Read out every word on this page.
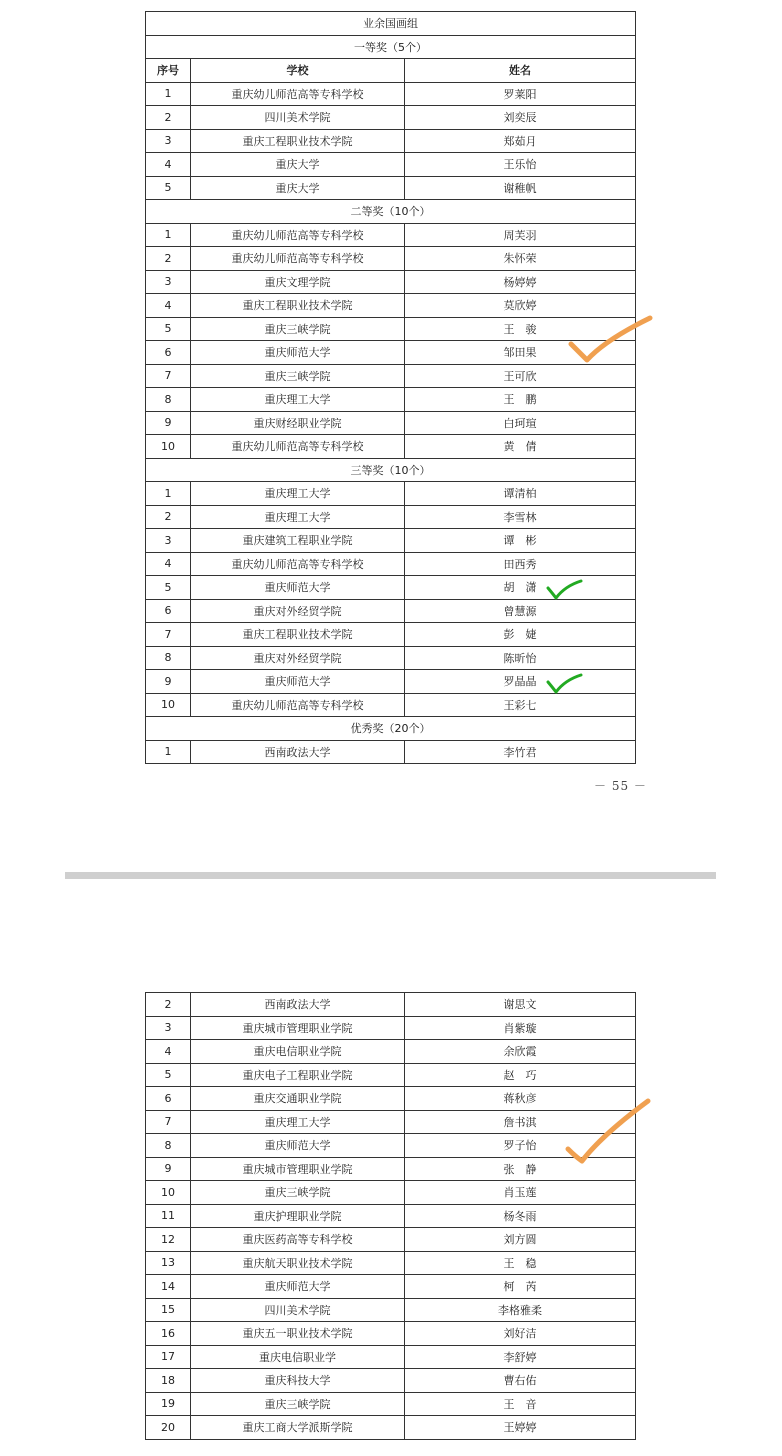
业余国画组		
一等奖（5个）		
序号	学校	姓名
1	重庆幼儿师范高等专科学校	罗莱阳
2	四川美术学院	刘奕辰
3	重庆工程职业技术学院	郑茹月
4	重庆大学	王乐怡
5	重庆大学	谢稚帆
二等奖（10个）		
1	重庆幼儿师范高等专科学校	周芙羽
2	重庆幼儿师范高等专科学校	朱怀荣
3	重庆文理学院	杨婷婷
4	重庆工程职业技术学院	莫欣婷
5	重庆三峡学院	王　骏
6	重庆师范大学	邹田果
7	重庆三峡学院	王可欣
8	重庆理工大学	王　鹏
9	重庆财经职业学院	白珂瑄
10	重庆幼儿师范高等专科学校	黄　倩
三等奖（10个）		
1	重庆理工大学	谭清柏
2	重庆理工大学	李雪林
3	重庆建筑工程职业学院	谭　彬
4	重庆幼儿师范高等专科学校	田西秀
5	重庆师范大学	胡　潇
6	重庆对外经贸学院	曾慧源
7	重庆工程职业技术学院	彭　婕
8	重庆对外经贸学院	陈昕怡
9	重庆师范大学	罗晶晶
10	重庆幼儿师范高等专科学校	王彩七
优秀奖（20个）		
1	西南政法大学	李竹君
－ 55 －
2	西南政法大学	谢思文
3	重庆城市管理职业学院	肖紫璇
4	重庆电信职业学院	余欣霞
5	重庆电子工程职业学院	赵　巧
6	重庆交通职业学院	蒋秋彦
7	重庆理工大学	詹书淇
8	重庆师范大学	罗子怡
9	重庆城市管理职业学院	张　静
10	重庆三峡学院	肖玉莲
11	重庆护理职业学院	杨冬雨
12	重庆医药高等专科学校	刘方圆
13	重庆航天职业技术学院	王　稳
14	重庆师范大学	柯　芮
15	四川美术学院	李格雅柔
16	重庆五一职业技术学院	刘好洁
17	重庆电信职业学	李舒婷
18	重庆科技大学	曹右佑
19	重庆三峡学院	王　音
20	重庆工商大学派斯学院	王婷婷
